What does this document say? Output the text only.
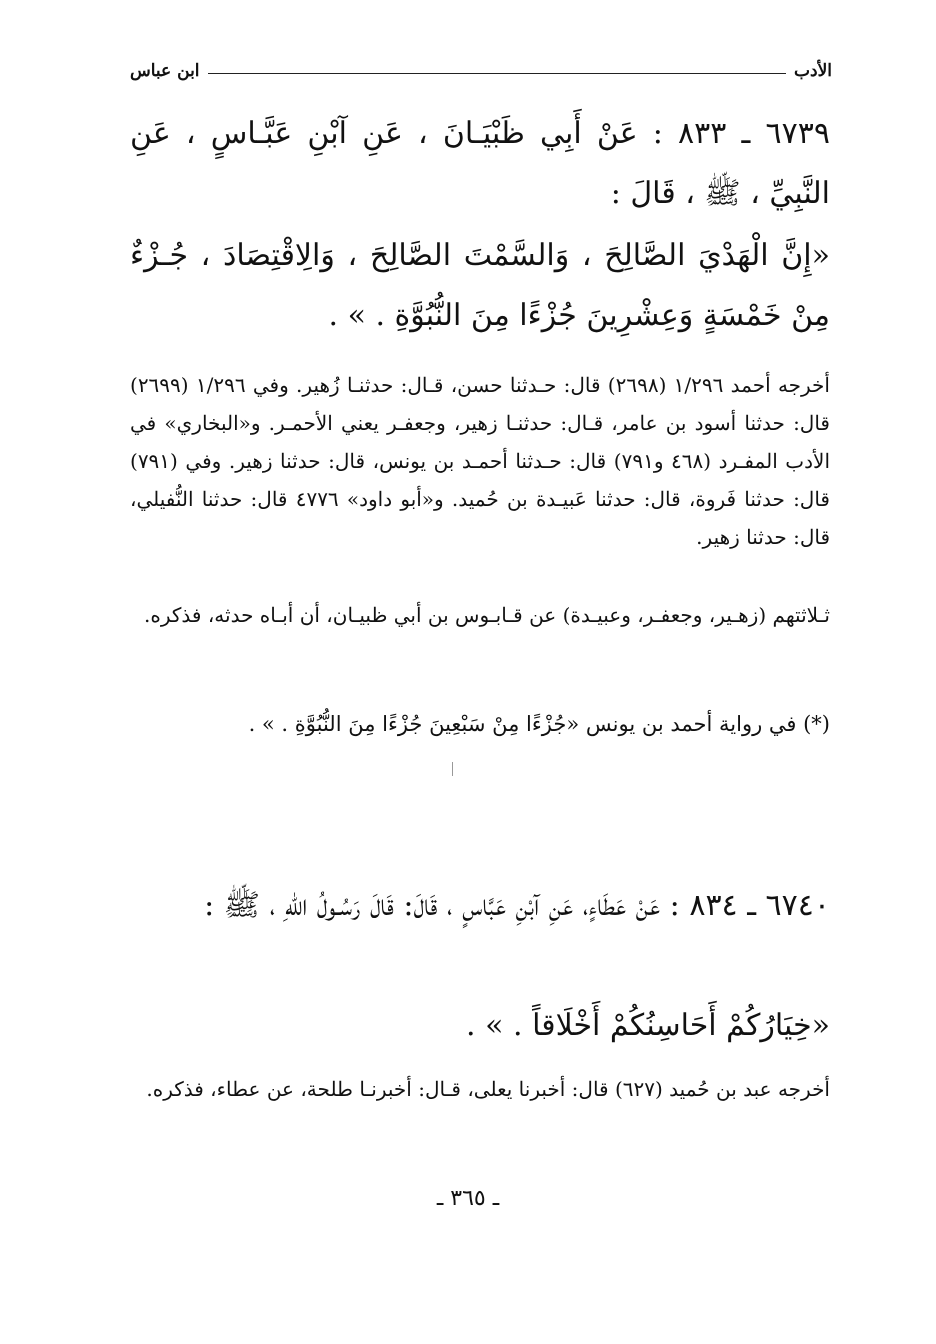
الأدب
ابن عباس
٦٧٣٩ ـ ٨٣٣ : عَنْ أَبِي ظَبْيَـانَ ، عَنِ آبْنِ عَبَّـاسٍ ، عَنِ النَّبِيِّ ، ﷺ ، قَالَ :
«إِنَّ الْهَدْيَ الصَّالِحَ ، وَالسَّمْتَ الصَّالِحَ ، وَالِاقْتِصَادَ ، جُـزْءٌ مِنْ خَمْسَةٍ وَعِشْرِينَ جُزْءًا مِنَ النُّبُوَّةِ . » .
أخرجه أحمد ١/٢٩٦ (٢٦٩٨) قال: حـدثنا حسن، قـال: حدثنـا زُهير. وفي ١/٢٩٦ (٢٦٩٩) قال: حدثنا أسود بن عامر، قـال: حدثنـا زهير، وجعفـر يعني الأحمـر. و«البخاري» في الأدب المفـرد (٤٦٨ و٧٩١) قال: حـدثنا أحمـد بن يونس، قال: حدثنا زهير. وفي (٧٩١) قال: حدثنا فَروة، قال: حدثنا عَبيـدة بن حُميد. و«أبو داود» ٤٧٧٦ قال: حدثنا النُّفيلي، قال: حدثنا زهير.
ثـلاثتهم (زهـير، وجعفـر، وعبيـدة) عن قـابـوس بن أبي ظبيـان، أن أبـاه حدثه، فذكره.
(*) في رواية أحمد بن يونس «جُزْءًا مِنْ سَبْعِينَ جُزْءًا مِنَ النُّبُوَّةِ . » .
٦٧٤٠ ـ ٨٣٤ : عَنْ عَطَاءٍ، عَنِ آبْنِ عَبَّاسٍ ، قَالَ: قَالَ رَسُـولُ اللّٰهِ ، ﷺ :
«خِيَارُكُمْ أَحَاسِنُكُمْ أَخْلَاقاً . » .
أخرجه عبد بن حُميد (٦٢٧) قال: أخبرنا يعلى، قـال: أخبرنـا طلحة، عن عطاء، فذكره.
ـ ٣٦٥ ـ
